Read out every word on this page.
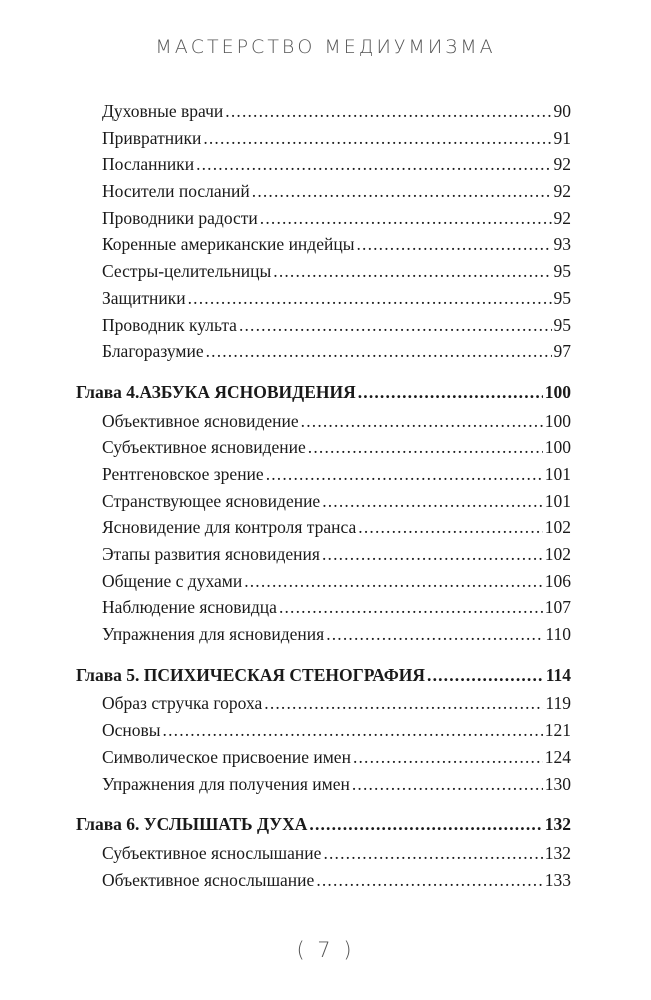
МАСТЕРСТВО МЕДИУМИЗМА
Духовные врачи . . .	90
Привратники . . .	91
Посланники . . .	92
Носители посланий . . .	92
Проводники радости . . .	92
Коренные американские индейцы . . .	93
Сестры-целительницы . . .	95
Защитники . . .	95
Проводник культа . . .	95
Благоразумие . . .	97
Глава 4.АЗБУКА ЯСНОВИДЕНИЯ . . .	100
Объективное ясновидение . . .	100
Субъективное ясновидение . . .	100
Рентгеновское зрение . . .	101
Странствующее ясновидение . . .	101
Ясновидение для контроля транса . . .	102
Этапы развития ясновидения . . .	102
Общение с духами . . .	106
Наблюдение ясновидца . . .	107
Упражнения для ясновидения . . .	110
Глава 5. ПСИХИЧЕСКАЯ СТЕНОГРАФИЯ . . .	114
Образ стручка гороха . . .	119
Основы . . .	121
Символическое присвоение имен . . .	124
Упражнения для получения имен . . .	130
Глава 6. УСЛЫШАТЬ ДУХА . . .	132
Субъективное яснослышание . . .	132
Объективное яснослышание . . .	133
( 7 )
